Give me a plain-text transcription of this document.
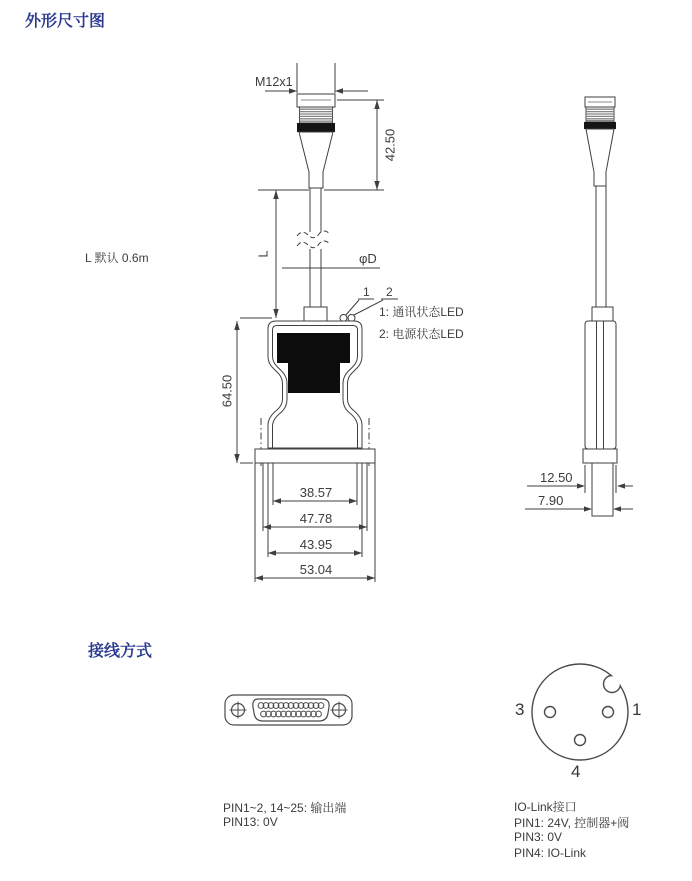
外形尺寸图
接线方式
M12x1
42.50
L
L 默认 0.6m	φD
1 2
1: 通讯状态LED
2: 电源状态LED
64.50
38.57
47.78
43.95
53.04
12.50
7.90
PIN1~2, 14~25: 输出端
PIN13: 0V
3	1
4
IO-Link接口
PIN1: 24V, 控制器+阀
PIN3: 0V
PIN4: IO-Link
